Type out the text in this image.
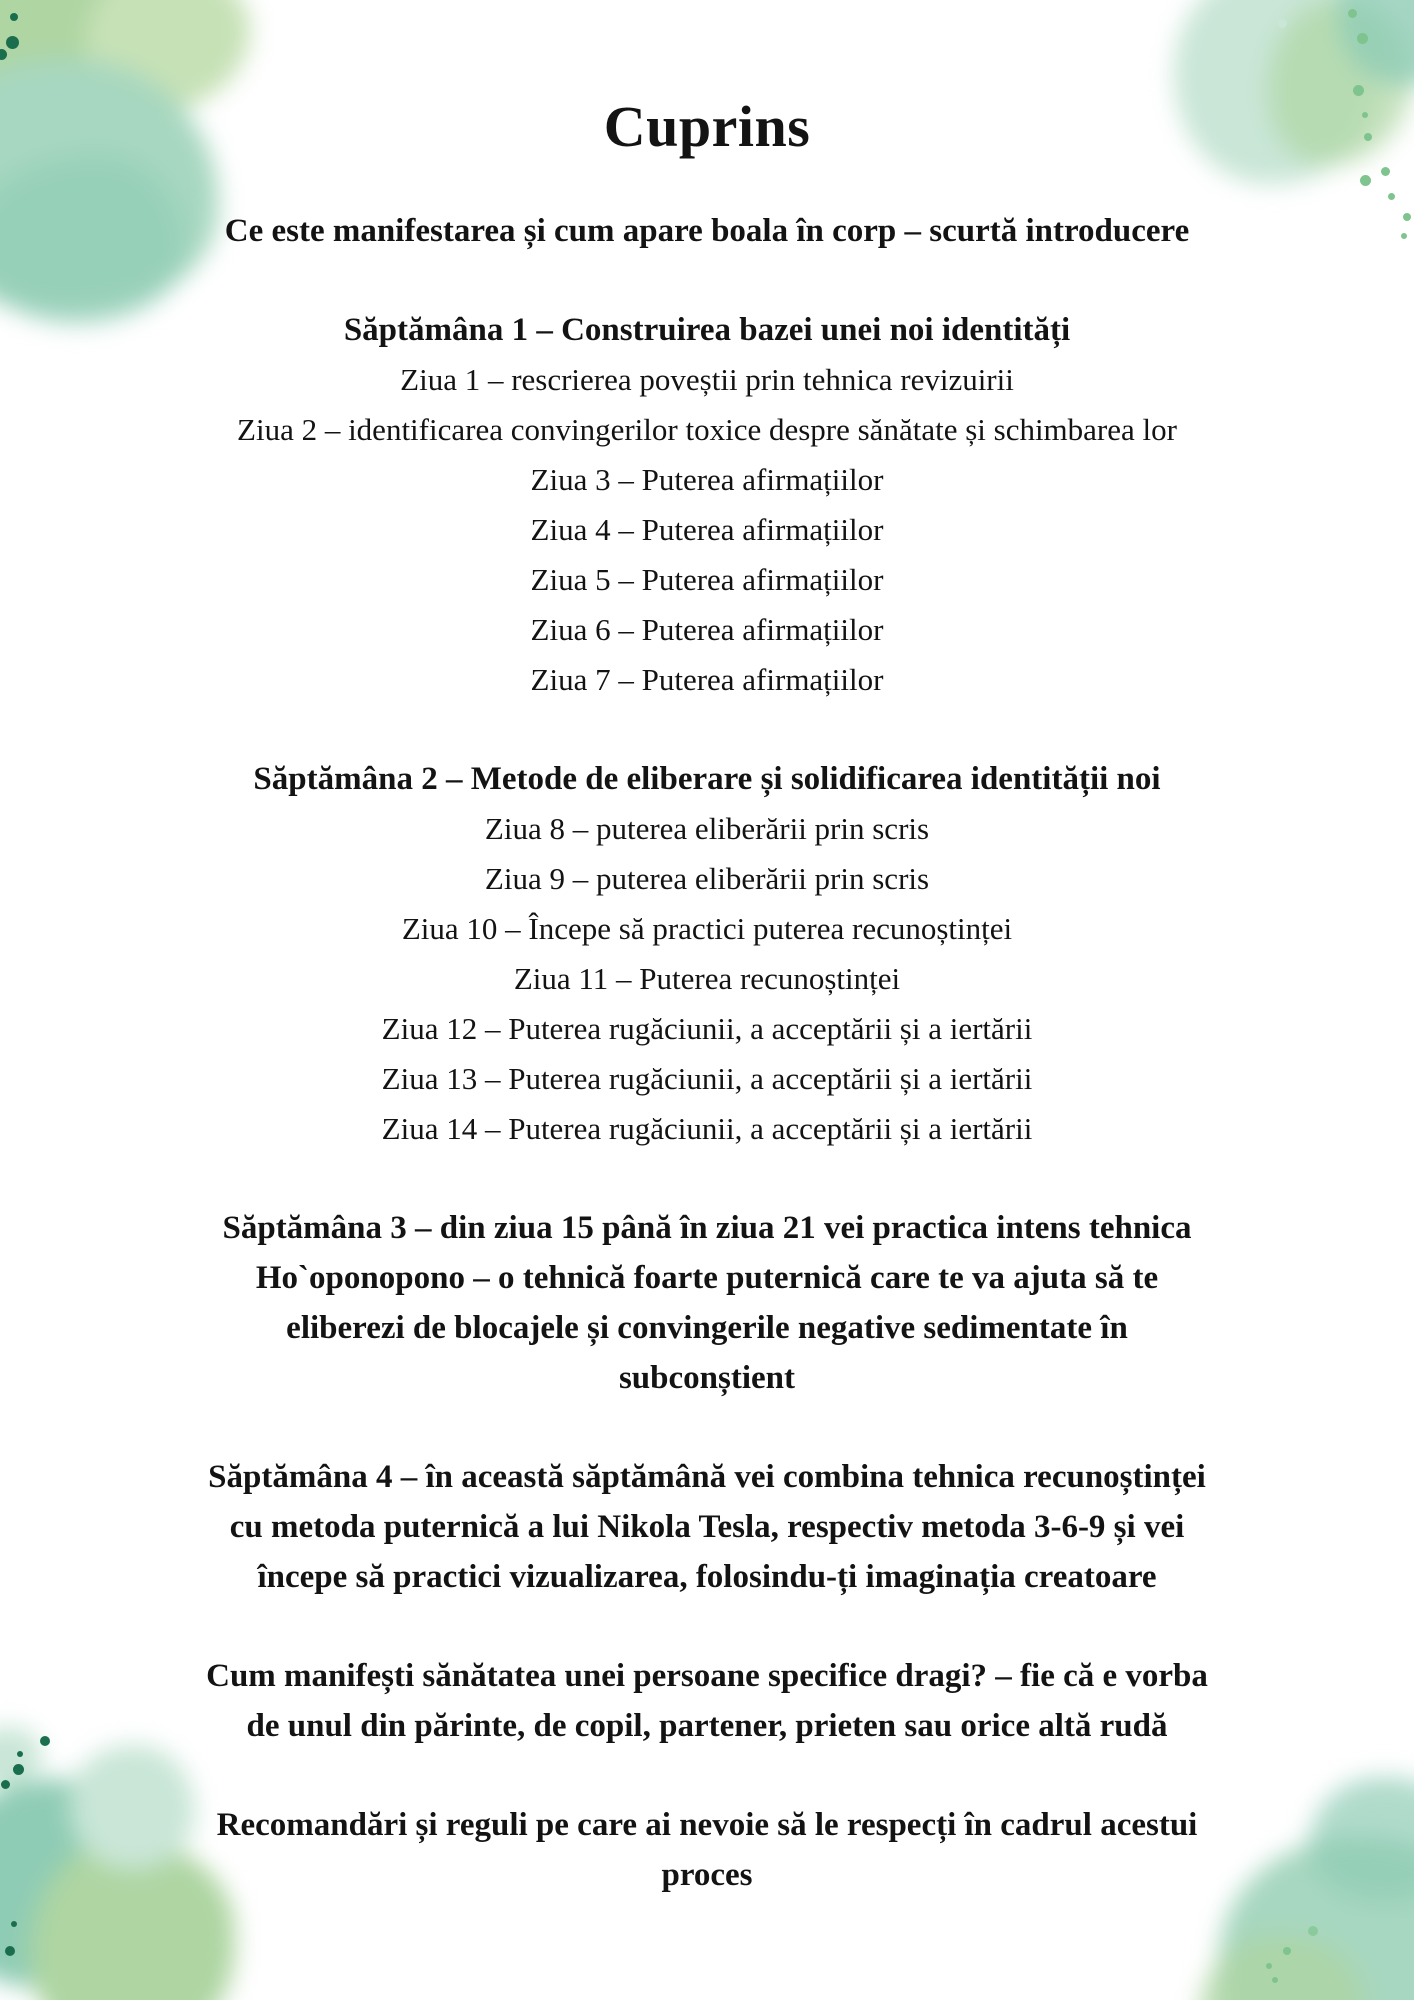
Cuprins

Ce este manifestarea și cum apare boala în corp – scurtă introducere

Săptămâna 1 – Construirea bazei unei noi identități
Ziua 1 – rescrierea poveștii prin tehnica revizuirii
Ziua 2 – identificarea convingerilor toxice despre sănătate și schimbarea lor
Ziua 3 – Puterea afirmațiilor
Ziua 4 – Puterea afirmațiilor
Ziua 5 – Puterea afirmațiilor
Ziua 6 – Puterea afirmațiilor
Ziua 7 – Puterea afirmațiilor
Săptămâna 2 – Metode de eliberare și solidificarea identității noi
Ziua 8 – puterea eliberării prin scris
Ziua 9 – puterea eliberării prin scris
Ziua 10 – Începe să practici puterea recunoștinței
Ziua 11 – Puterea recunoștinței
Ziua 12 – Puterea rugăciunii, a acceptării și a iertării
Ziua 13 – Puterea rugăciunii, a acceptării și a iertării
Ziua 14 – Puterea rugăciunii, a acceptării și a iertării

Săptămâna 3 – din ziua 15 până în ziua 21 vei practica intens tehnica

Ho`oponopono – o tehnică foarte puternică care te va ajuta să te

eliberezi de blocajele și convingerile negative sedimentate în

subconștient

Săptămâna 4 – în această săptămână vei combina tehnica recunoștinței

cu metoda puternică a lui Nikola Tesla, respectiv metoda 3-6-9 și vei

începe să practici vizualizarea, folosindu-ți imaginația creatoare

Cum manifești sănătatea unei persoane specifice dragi? – fie că e vorba

de unul din părinte, de copil, partener, prieten sau orice altă rudă

Recomandări și reguli pe care ai nevoie să le respecți în cadrul acestui

proces
